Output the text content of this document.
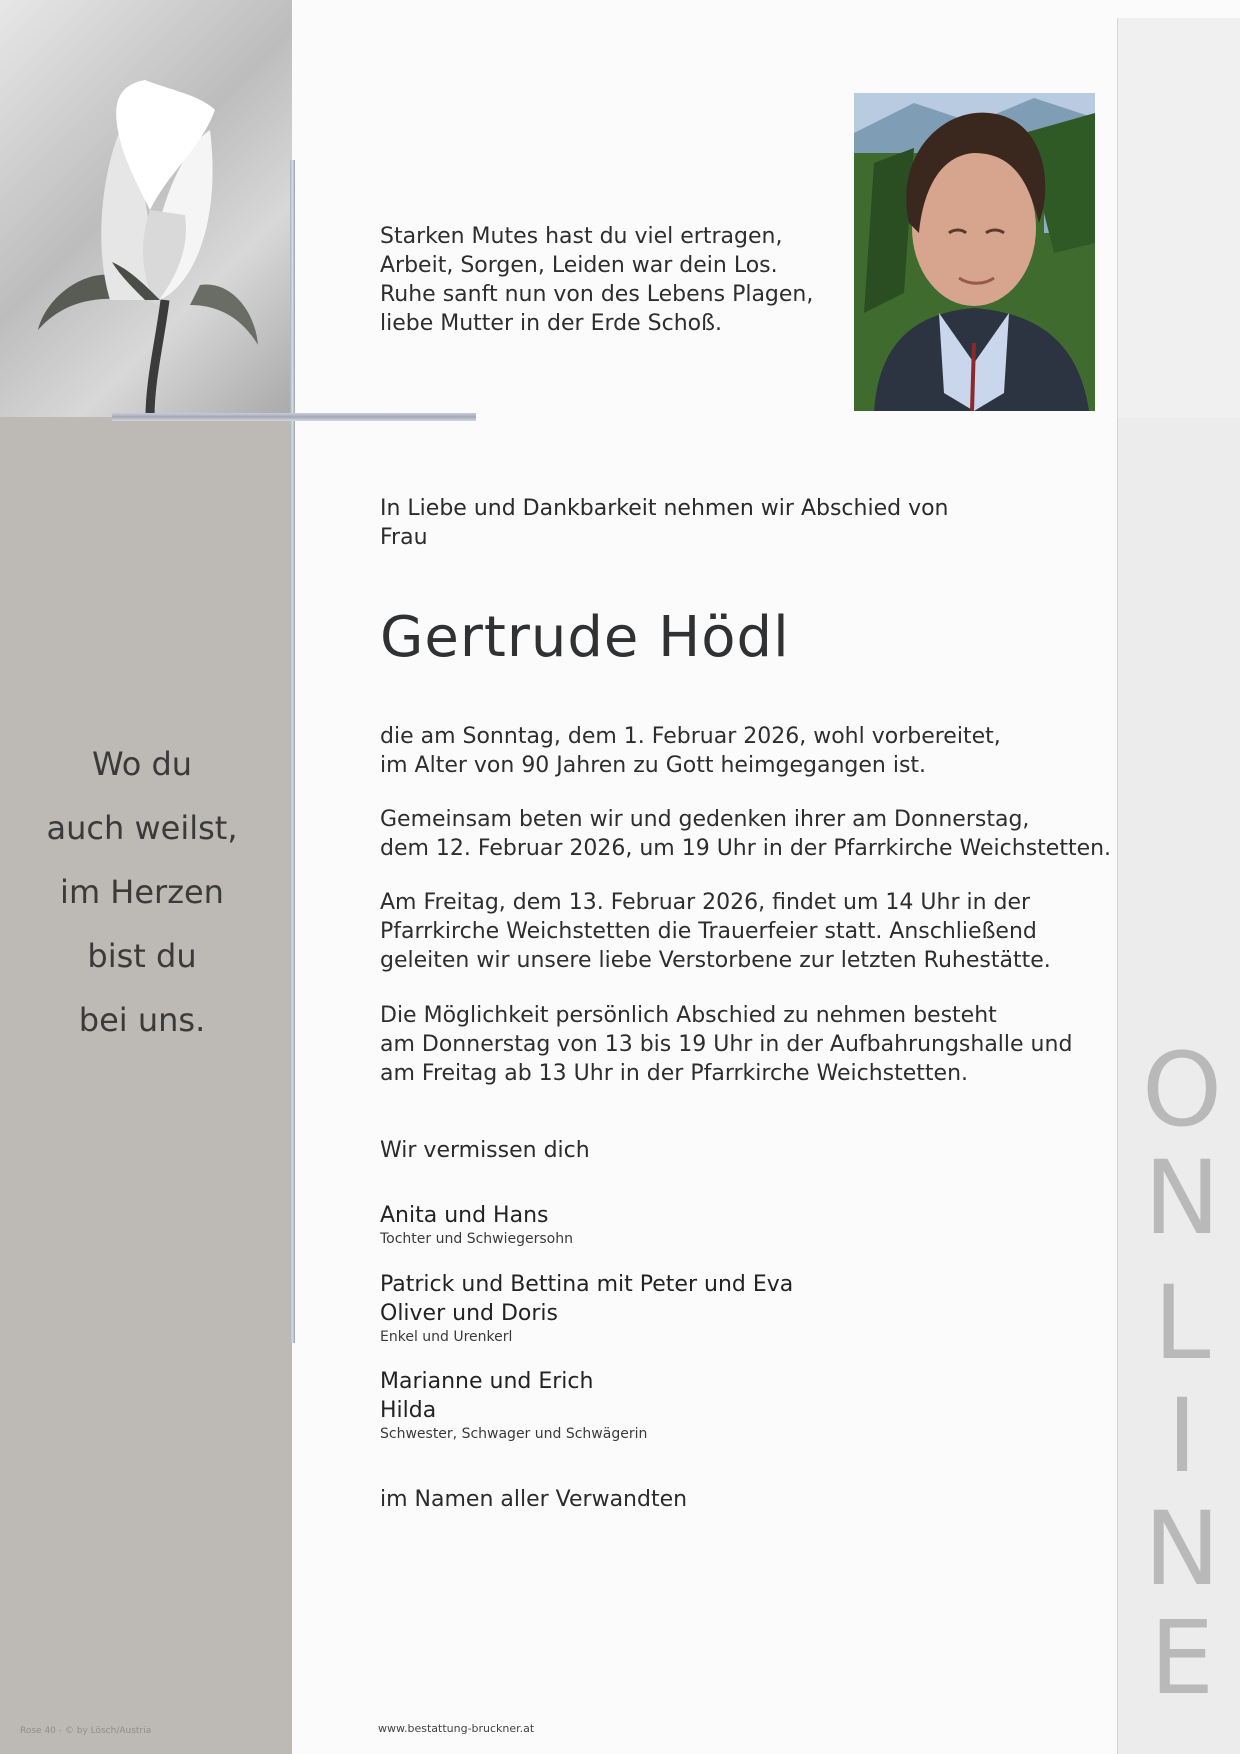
Wo du
auch weilst,
im Herzen
bist du
bei uns.
Rose 40 - © by Lösch/Austria
O
N
L
I
N
E
Starken Mutes hast du viel ertragen,
Arbeit, Sorgen, Leiden war dein Los.
Ruhe sanft nun von des Lebens Plagen,
liebe Mutter in der Erde Schoß.
In Liebe und Dankbarkeit nehmen wir Abschied von
Frau
Gertrude Hödl
die am Sonntag, dem 1. Februar 2026, wohl vorbereitet,
im Alter von 90 Jahren zu Gott heimgegangen ist.
Gemeinsam beten wir und gedenken ihrer am Donnerstag,
dem 12. Februar 2026, um 19 Uhr in der Pfarrkirche Weichstetten.
Am Freitag, dem 13. Februar 2026, findet um 14 Uhr in der
Pfarrkirche Weichstetten die Trauerfeier statt. Anschließend
geleiten wir unsere liebe Verstorbene zur letzten Ruhestätte.
Die Möglichkeit persönlich Abschied zu nehmen besteht
am Donnerstag von 13 bis 19 Uhr in der Aufbahrungshalle und
am Freitag ab 13 Uhr in der Pfarrkirche Weichstetten.
Wir vermissen dich
Anita und Hans
Tochter und Schwiegersohn
Patrick und Bettina mit Peter und Eva
Oliver und Doris
Enkel und Urenkerl
Marianne und Erich
Hilda
Schwester, Schwager und Schwägerin
im Namen aller Verwandten
www.bestattung-bruckner.at
